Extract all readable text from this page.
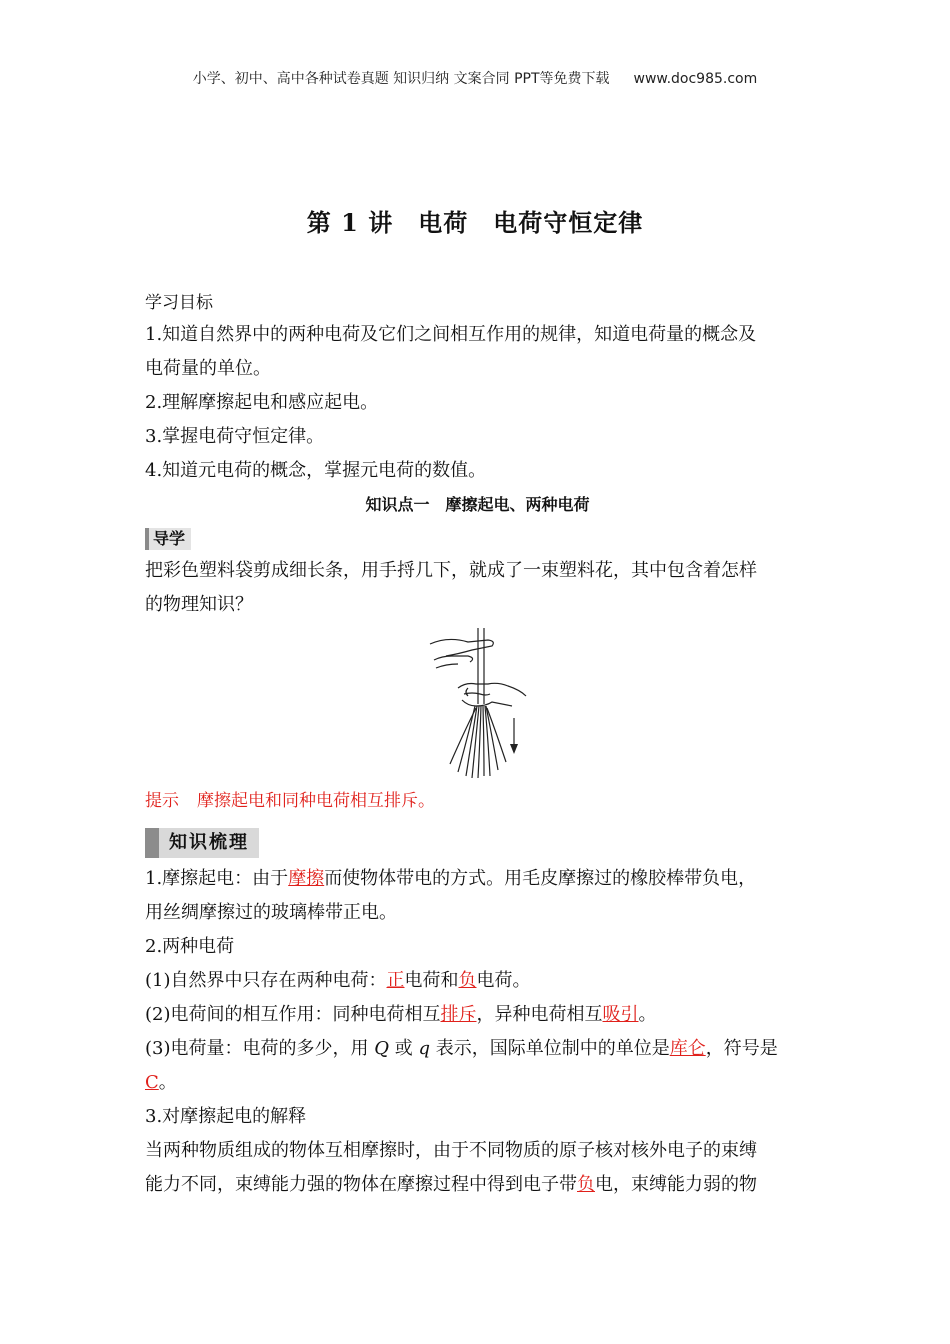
小学、初中、高中各种试卷真题 知识归纳 文案合同 PPT等免费下载 www.doc985.com
第 1 讲　电荷　电荷守恒定律
学习目标
1.知道自然界中的两种电荷及它们之间相互作用的规律，知道电荷量的概念及
电荷量的单位。
2.理解摩擦起电和感应起电。
3.掌握电荷守恒定律。
4.知道元电荷的概念，掌握元电荷的数值。
知识点一　摩擦起电、两种电荷
导学
把彩色塑料袋剪成细长条，用手捋几下，就成了一束塑料花，其中包含着怎样
的物理知识？
提示 摩擦起电和同种电荷相互排斥。
知识梳理
1.摩擦起电：由于摩擦而使物体带电的方式。用毛皮摩擦过的橡胶棒带负电，
用丝绸摩擦过的玻璃棒带正电。
2.两种电荷
(1)自然界中只存在两种电荷：正电荷和负电荷。
(2)电荷间的相互作用：同种电荷相互排斥，异种电荷相互吸引。
(3)电荷量：电荷的多少，用 Q 或 q 表示，国际单位制中的单位是库仑，符号是
C。
3.对摩擦起电的解释
当两种物质组成的物体互相摩擦时，由于不同物质的原子核对核外电子的束缚
能力不同，束缚能力强的物体在摩擦过程中得到电子带负电，束缚能力弱的物
